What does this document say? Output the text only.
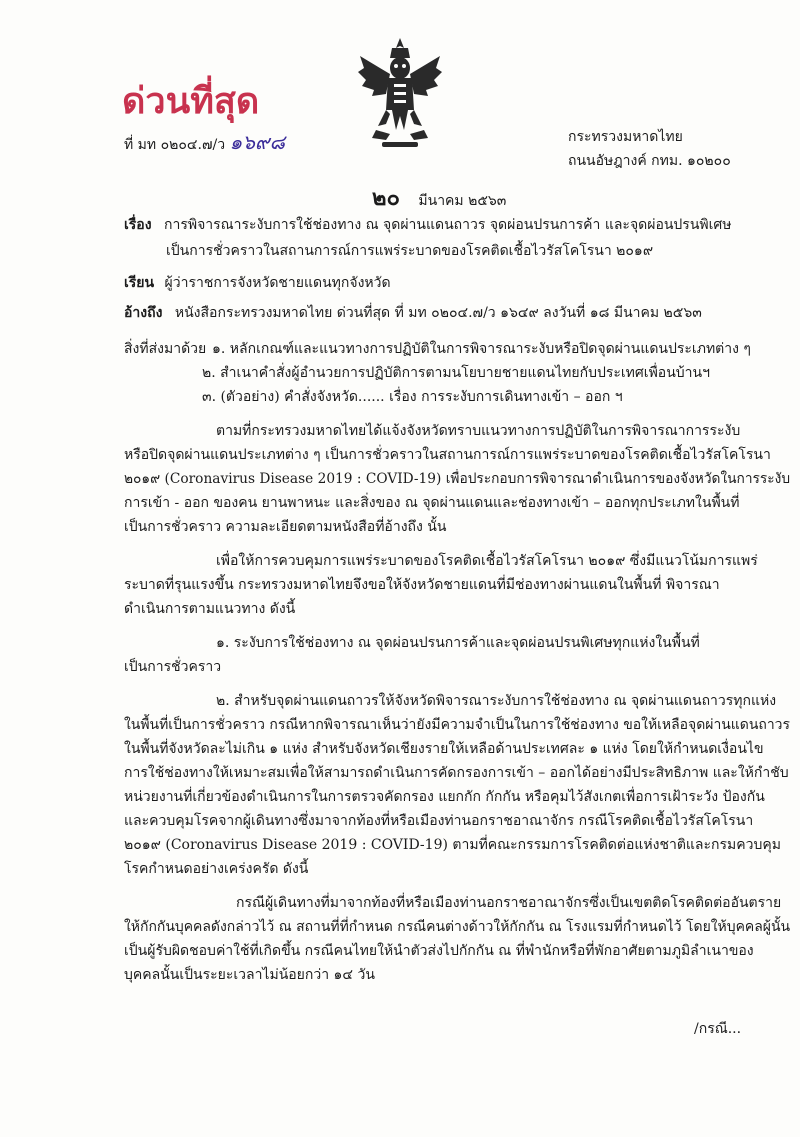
ด่วนที่สุด
ที่ มท ๐๒๐๔.๗/ว ๑๖๙๘	กระทรวงมหาดไทย
ถนนอัษฎางค์ กทม. ๑๐๒๐๐
๒๐ มีนาคม ๒๕๖๓
เรื่อง การพิจารณาระงับการใช้ช่องทาง ณ จุดผ่านแดนถาวร จุดผ่อนปรนการค้า และจุดผ่อนปรนพิเศษ
เป็นการชั่วคราวในสถานการณ์การแพร่ระบาดของโรคติดเชื้อไวรัสโคโรนา ๒๐๑๙
เรียน ผู้ว่าราชการจังหวัดชายแดนทุกจังหวัด
อ้างถึง หนังสือกระทรวงมหาดไทย ด่วนที่สุด ที่ มท ๐๒๐๔.๗/ว ๑๖๔๙ ลงวันที่ ๑๘ มีนาคม ๒๕๖๓
สิ่งที่ส่งมาด้วย ๑. หลักเกณฑ์และแนวทางการปฏิบัติในการพิจารณาระงับหรือปิดจุดผ่านแดนประเภทต่าง ๆ
๒. สำเนาคำสั่งผู้อำนวยการปฏิบัติการตามนโยบายชายแดนไทยกับประเทศเพื่อนบ้านฯ
๓. (ตัวอย่าง) คำสั่งจังหวัด...... เรื่อง การระงับการเดินทางเข้า – ออก ฯ
ตามที่กระทรวงมหาดไทยได้แจ้งจังหวัดทราบแนวทางการปฏิบัติในการพิจารณาการระงับ
หรือปิดจุดผ่านแดนประเภทต่าง ๆ เป็นการชั่วคราวในสถานการณ์การแพร่ระบาดของโรคติดเชื้อไวรัสโคโรนา
๒๐๑๙ (Coronavirus Disease 2019 : COVID-19) เพื่อประกอบการพิจารณาดำเนินการของจังหวัดในการระงับ
การเข้า - ออก ของคน ยานพาหนะ และสิ่งของ ณ จุดผ่านแดนและช่องทางเข้า – ออกทุกประเภทในพื้นที่
เป็นการชั่วคราว ความละเอียดตามหนังสือที่อ้างถึง นั้น
เพื่อให้การควบคุมการแพร่ระบาดของโรคติดเชื้อไวรัสโคโรนา ๒๐๑๙ ซึ่งมีแนวโน้มการแพร่
ระบาดที่รุนแรงขึ้น กระทรวงมหาดไทยจึงขอให้จังหวัดชายแดนที่มีช่องทางผ่านแดนในพื้นที่ พิจารณา
ดำเนินการตามแนวทาง ดังนี้
๑. ระงับการใช้ช่องทาง ณ จุดผ่อนปรนการค้าและจุดผ่อนปรนพิเศษทุกแห่งในพื้นที่
เป็นการชั่วคราว
๒. สำหรับจุดผ่านแดนถาวรให้จังหวัดพิจารณาระงับการใช้ช่องทาง ณ จุดผ่านแดนถาวรทุกแห่ง
ในพื้นที่เป็นการชั่วคราว กรณีหากพิจารณาเห็นว่ายังมีความจำเป็นในการใช้ช่องทาง ขอให้เหลือจุดผ่านแดนถาวร
ในพื้นที่จังหวัดละไม่เกิน ๑ แห่ง สำหรับจังหวัดเชียงรายให้เหลือด้านประเทศละ ๑ แห่ง โดยให้กำหนดเงื่อนไข
การใช้ช่องทางให้เหมาะสมเพื่อให้สามารถดำเนินการคัดกรองการเข้า – ออกได้อย่างมีประสิทธิภาพ และให้กำชับ
หน่วยงานที่เกี่ยวข้องดำเนินการในการตรวจคัดกรอง แยกกัก กักกัน หรือคุมไว้สังเกตเพื่อการเฝ้าระวัง ป้องกัน
และควบคุมโรคจากผู้เดินทางซึ่งมาจากท้องที่หรือเมืองท่านอกราชอาณาจักร กรณีโรคติดเชื้อไวรัสโคโรนา
๒๐๑๙ (Coronavirus Disease 2019 : COVID-19) ตามที่คณะกรรมการโรคติดต่อแห่งชาติและกรมควบคุม
โรคกำหนดอย่างเคร่งครัด ดังนี้
กรณีผู้เดินทางที่มาจากท้องที่หรือเมืองท่านอกราชอาณาจักรซึ่งเป็นเขตติดโรคติดต่ออันตราย
ให้กักกันบุคคลดังกล่าวไว้ ณ สถานที่ที่กำหนด กรณีคนต่างด้าวให้กักกัน ณ โรงแรมที่กำหนดไว้ โดยให้บุคคลผู้นั้น
เป็นผู้รับผิดชอบค่าใช้ที่เกิดขึ้น กรณีคนไทยให้นำตัวส่งไปกักกัน ณ ที่พำนักหรือที่พักอาศัยตามภูมิลำเนาของ
บุคคลนั้นเป็นระยะเวลาไม่น้อยกว่า ๑๔ วัน
/กรณี...
